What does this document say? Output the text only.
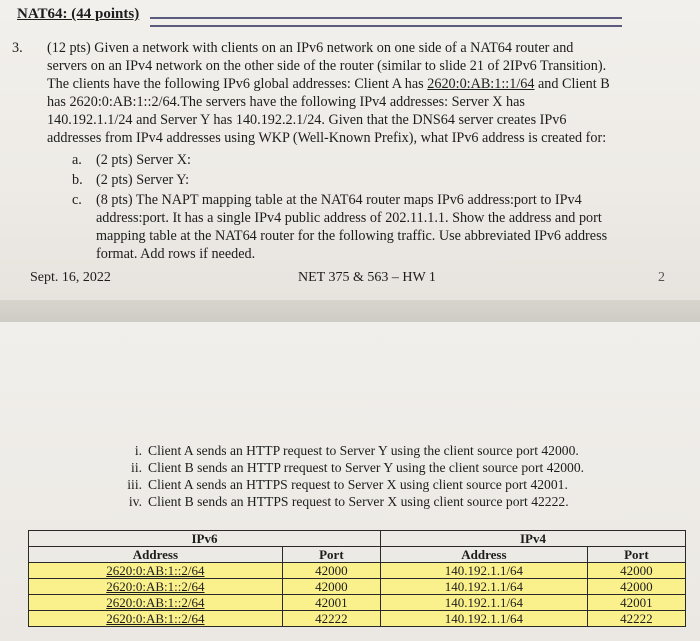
NAT64: (44 points)
3. (12 pts) Given a network with clients on an IPv6 network on one side of a NAT64 router and
servers on an IPv4 network on the other side of the router (similar to slide 21 of 2IPv6 Transition).
The clients have the following IPv6 global addresses: Client A has 2620:0:AB:1::1/64 and Client B
has 2620:0:AB:1::2/64.The servers have the following IPv4 addresses: Server X has
140.192.1.1/24 and Server Y has 140.192.2.1/24. Given that the DNS64 server creates IPv6
addresses from IPv4 addresses using WKP (Well-Known Prefix), what IPv6 address is created for:
a. (2 pts) Server X:
b. (2 pts) Server Y:
c. (8 pts) The NAPT mapping table at the NAT64 router maps IPv6 address:port to IPv4
address:port. It has a single IPv4 public address of 202.11.1.1. Show the address and port
mapping table at the NAT64 router for the following traffic. Use abbreviated IPv6 address
format. Add rows if needed.
Sept. 16, 2022	NET 375 & 563 – HW 1	2
i. Client A sends an HTTP request to Server Y using the client source port 42000.
ii. Client B sends an HTTP rrequest to Server Y using the client source port 42000.
iii. Client A sends an HTTPS request to Server X using client source port 42001.
iv. Client B sends an HTTPS request to Server X using client source port 42222.
IPv6		IPv4	
Address	Port	Address	Port
2620:0:AB:1::2/64	42000	140.192.1.1/64	42000
2620:0:AB:1::2/64	42000	140.192.1.1/64	42000
2620:0:AB:1::2/64	42001	140.192.1.1/64	42001
2620:0:AB:1::2/64	42222	140.192.1.1/64	42222
